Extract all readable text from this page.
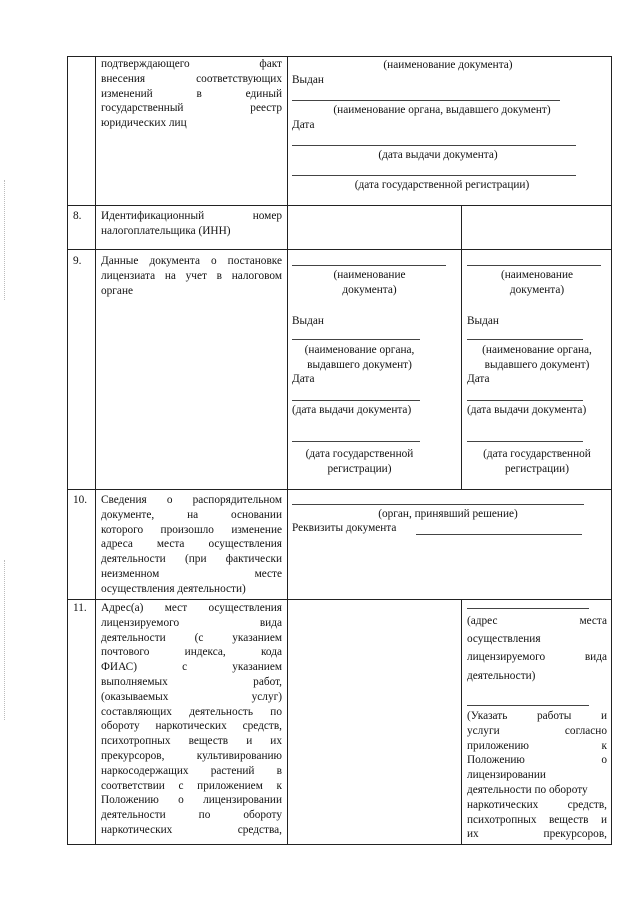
подтверждающего факт
внесения соответствующих
изменений в единый
государственный реестр
юридических лиц
(наименование документа)
Выдан
(наименование органа, выдавшего документ)
Дата
(дата выдачи документа)
(дата государственной регистрации)
8. Идентификационный номер
налогоплательщика (ИНН)
9. Данные документа о постановке
лицензиата на учет в налоговом
органе
(наименование
документа)
Выдан
(наименование органа,
выдавшего документ)
Дата
(дата выдачи документа)
(дата государственной
регистрации)
(наименование
документа)
Выдан
(наименование органа,
выдавшего документ)
Дата
(дата выдачи документа)
(дата государственной
регистрации)
10. Сведения о распорядительном
документе, на основании
которого произошло изменение
адреса места осуществления
деятельности (при фактически
неизменном месте
осуществления деятельности)
(орган, принявший решение)
Реквизиты документа
11. Адрес(а) мест осуществления
лицензируемого вида
деятельности (с указанием
почтового индекса, кода
ФИАС) с указанием
выполняемых работ,
(оказываемых услуг)
составляющих деятельность по
обороту наркотических средств,
психотропных веществ и их
прекурсоров, культивированию
наркосодержащих растений в
соответствии с приложением к
Положению о лицензировании
деятельности по обороту
наркотических средства,
(адрес места
осуществления
лицензируемого вида
деятельности)
(Указать работы и
услуги согласно
приложению к
Положению о
лицензировании
деятельности по обороту
наркотических средств,
психотропных веществ и
их прекурсоров,
